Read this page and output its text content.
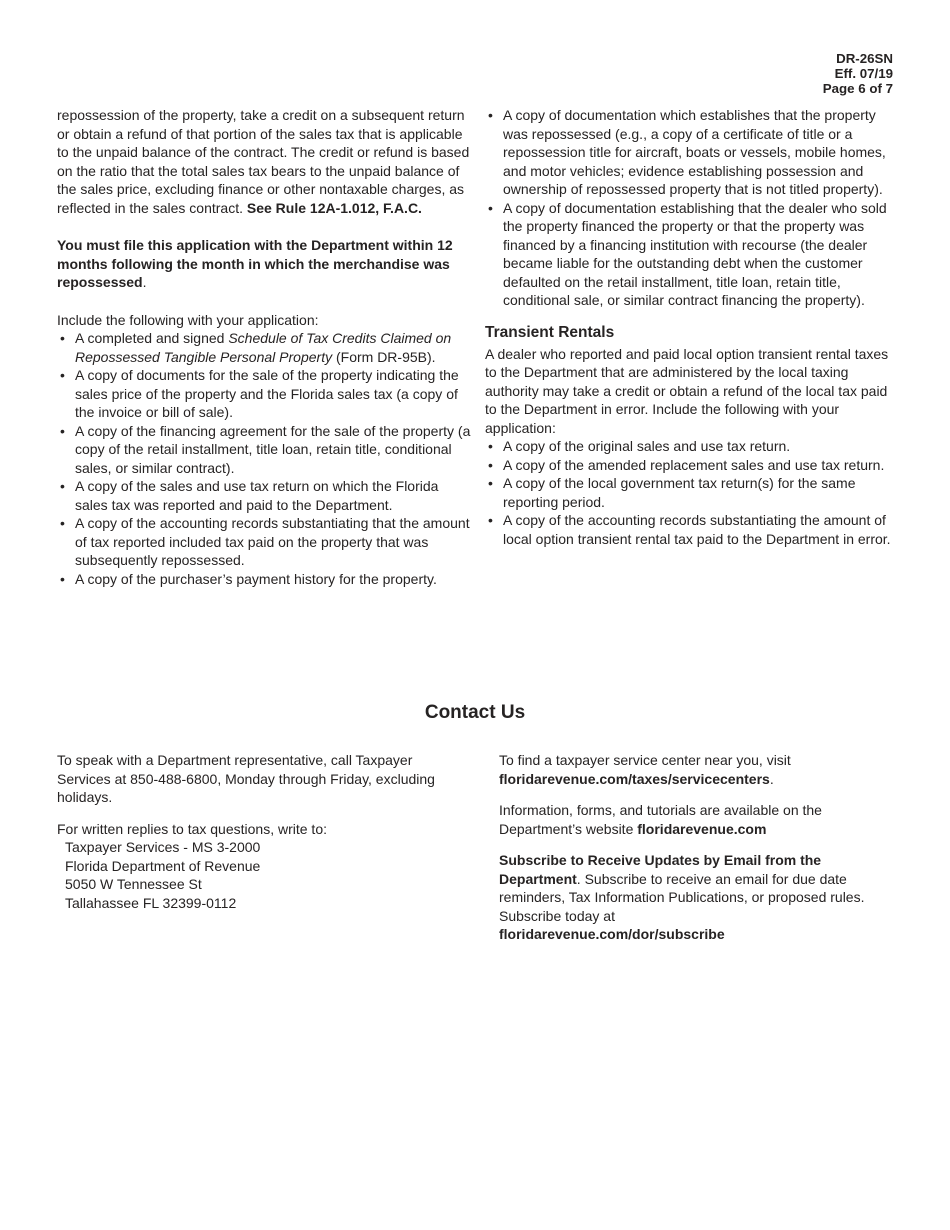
DR-26SN
Eff. 07/19
Page 6 of 7

repossession of the property, take a credit on a subsequent return or obtain a refund of that portion of the sales tax that is applicable to the unpaid balance of the contract. The credit or refund is based on the ratio that the total sales tax bears to the unpaid balance of the sales price, excluding finance or other nontaxable charges, as reflected in the sales contract. See Rule 12A-1.012, F.A.C.

You must file this application with the Department within 12 months following the month in which the merchandise was repossessed.

Include the following with your application:

• A completed and signed Schedule of Tax Credits Claimed on Repossessed Tangible Personal Property (Form DR-95B).
• A copy of documents for the sale of the property indicating the sales price of the property and the Florida sales tax (a copy of the invoice or bill of sale).
• A copy of the financing agreement for the sale of the property (a copy of the retail installment, title loan, retain title, conditional sales, or similar contract).
• A copy of the sales and use tax return on which the Florida sales tax was reported and paid to the Department.
• A copy of the accounting records substantiating that the amount of tax reported included tax paid on the property that was subsequently repossessed.
• A copy of the purchaser’s payment history for the property.
• A copy of documentation which establishes that the property was repossessed (e.g., a copy of a certificate of title or a repossession title for aircraft, boats or vessels, mobile homes, and motor vehicles; evidence establishing possession and ownership of repossessed property that is not titled property).
• A copy of documentation establishing that the dealer who sold the property financed the property or that the property was financed by a financing institution with recourse (the dealer became liable for the outstanding debt when the customer defaulted on the retail installment, title loan, retain title, conditional sale, or similar contract financing the property).
Transient Rentals

A dealer who reported and paid local option transient rental taxes to the Department that are administered by the local taxing authority may take a credit or obtain a refund of the local tax paid to the Department in error. Include the following with your application:

• A copy of the original sales and use tax return.
• A copy of the amended replacement sales and use tax return.
• A copy of the local government tax return(s) for the same reporting period.
• A copy of the accounting records substantiating the amount of local option transient rental tax paid to the Department in error.
Contact Us

To speak with a Department representative, call Taxpayer Services at 850-488-6800, Monday through Friday, excluding holidays.

For written replies to tax questions, write to:

Taxpayer Services - MS 3-2000
Florida Department of Revenue
5050 W Tennessee St
Tallahassee FL 32399-0112

To find a taxpayer service center near you, visit floridarevenue.com/taxes/servicecenters.

Information, forms, and tutorials are available on the Department’s website floridarevenue.com

Subscribe to Receive Updates by Email from the Department. Subscribe to receive an email for due date reminders, Tax Information Publications, or proposed rules. Subscribe today at
floridarevenue.com/dor/subscribe
